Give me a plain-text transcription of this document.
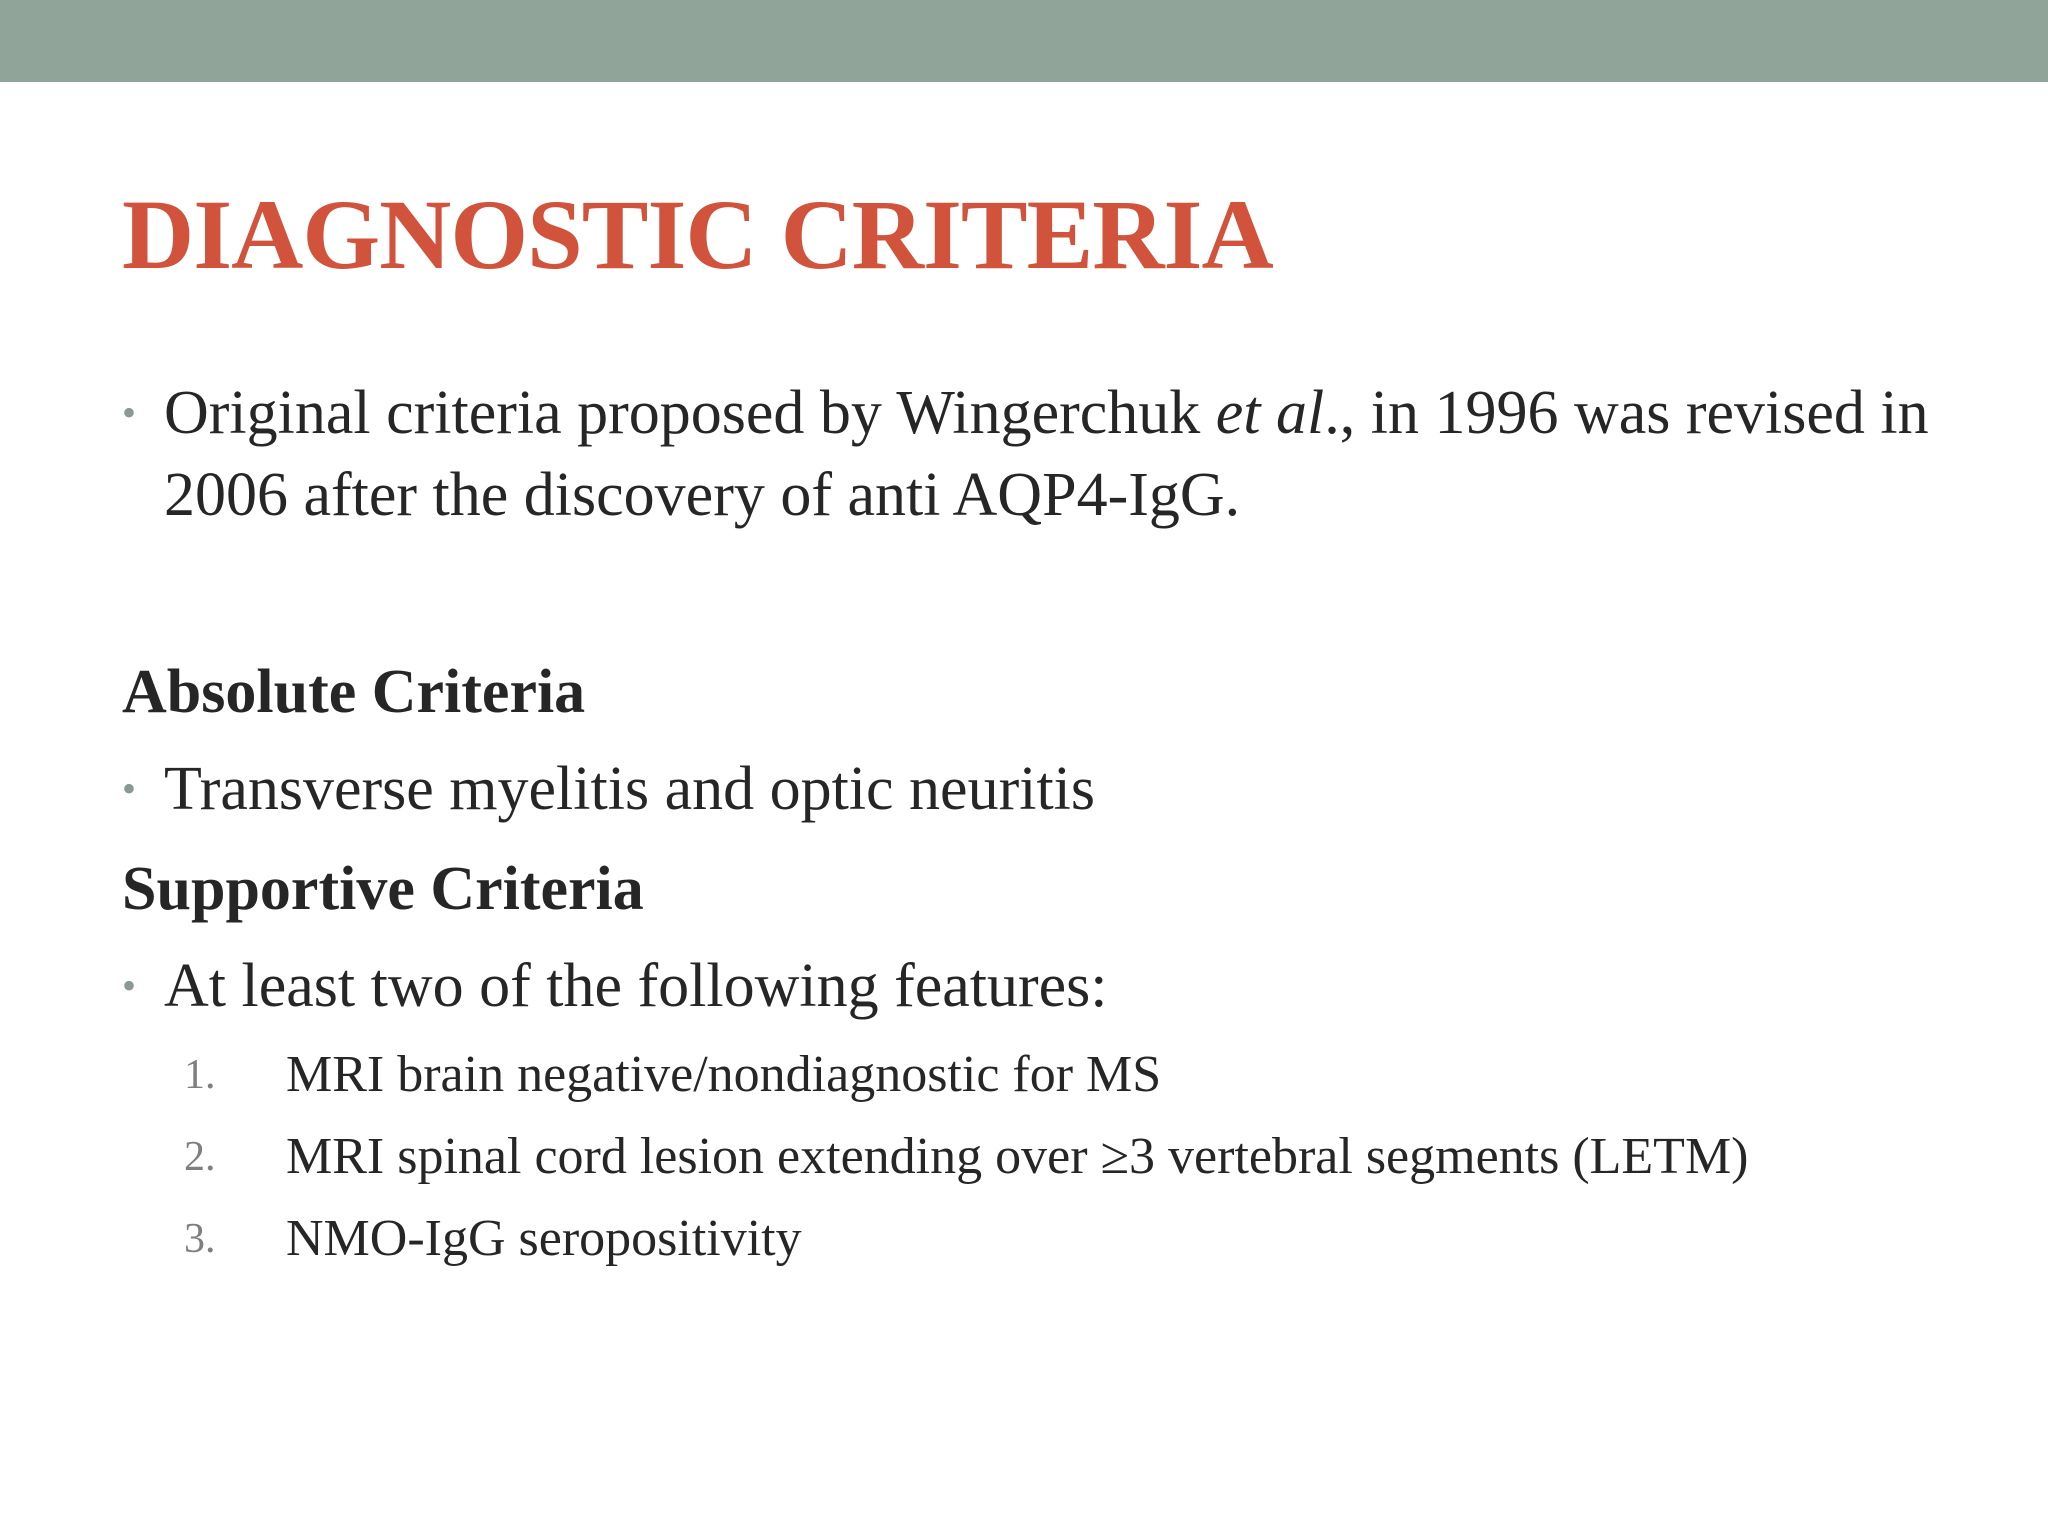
DIAGNOSTIC CRITERIA
• Original criteria proposed by Wingerchuk et al., in 1996 was revised in 2006 after the discovery of anti AQP4-IgG.
Absolute Criteria
• Transverse myelitis and optic neuritis
Supportive Criteria
• At least two of the following features:
1. MRI brain negative/nondiagnostic for MS
2. MRI spinal cord lesion extending over ≥3 vertebral segments (LETM)
3. NMO-IgG seropositivity
